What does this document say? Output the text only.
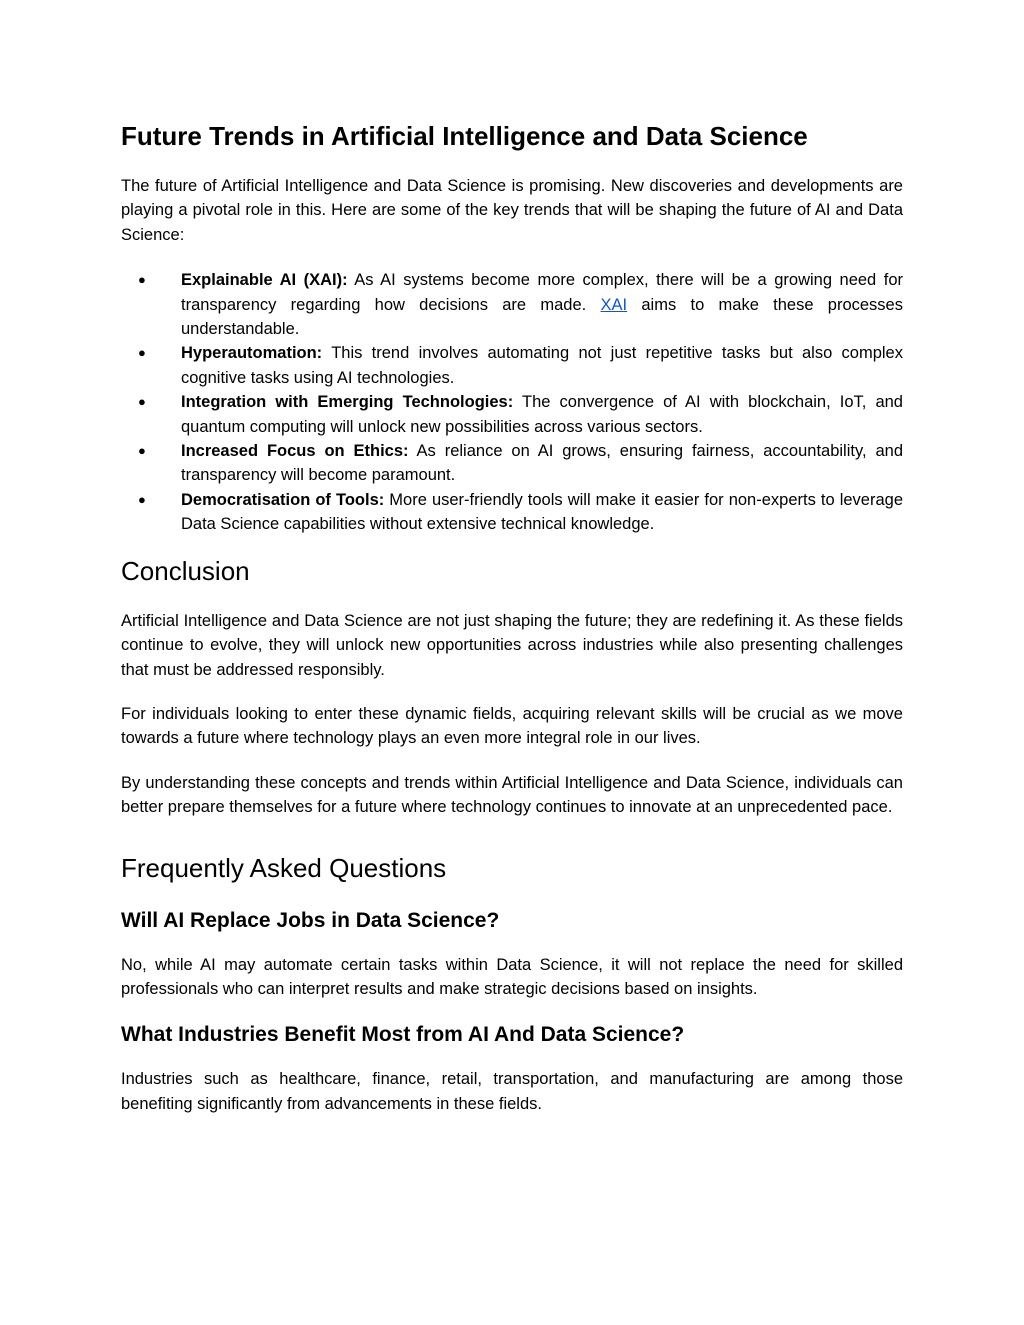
Future Trends in Artificial Intelligence and Data Science

The future of Artificial Intelligence and Data Science is promising. New discoveries and developments are playing a pivotal role in this. Here are some of the key trends that will be shaping the future of AI and Data Science:

● Explainable AI (XAI): As AI systems become more complex, there will be a growing need for transparency regarding how decisions are made. XAI aims to make these processes understandable.
● Hyperautomation: This trend involves automating not just repetitive tasks but also complex cognitive tasks using AI technologies.
● Integration with Emerging Technologies: The convergence of AI with blockchain, IoT, and quantum computing will unlock new possibilities across various sectors.
● Increased Focus on Ethics: As reliance on AI grows, ensuring fairness, accountability, and transparency will become paramount.
● Democratisation of Tools: More user-friendly tools will make it easier for non-experts to leverage Data Science capabilities without extensive technical knowledge.
Conclusion

Artificial Intelligence and Data Science are not just shaping the future; they are redefining it. As these fields continue to evolve, they will unlock new opportunities across industries while also presenting challenges that must be addressed responsibly.

For individuals looking to enter these dynamic fields, acquiring relevant skills will be crucial as we move towards a future where technology plays an even more integral role in our lives.

By understanding these concepts and trends within Artificial Intelligence and Data Science, individuals can better prepare themselves for a future where technology continues to innovate at an unprecedented pace.

Frequently Asked Questions
Will AI Replace Jobs in Data Science?

No, while AI may automate certain tasks within Data Science, it will not replace the need for skilled professionals who can interpret results and make strategic decisions based on insights.

What Industries Benefit Most from AI And Data Science?

Industries such as healthcare, finance, retail, transportation, and manufacturing are among those benefiting significantly from advancements in these fields.
